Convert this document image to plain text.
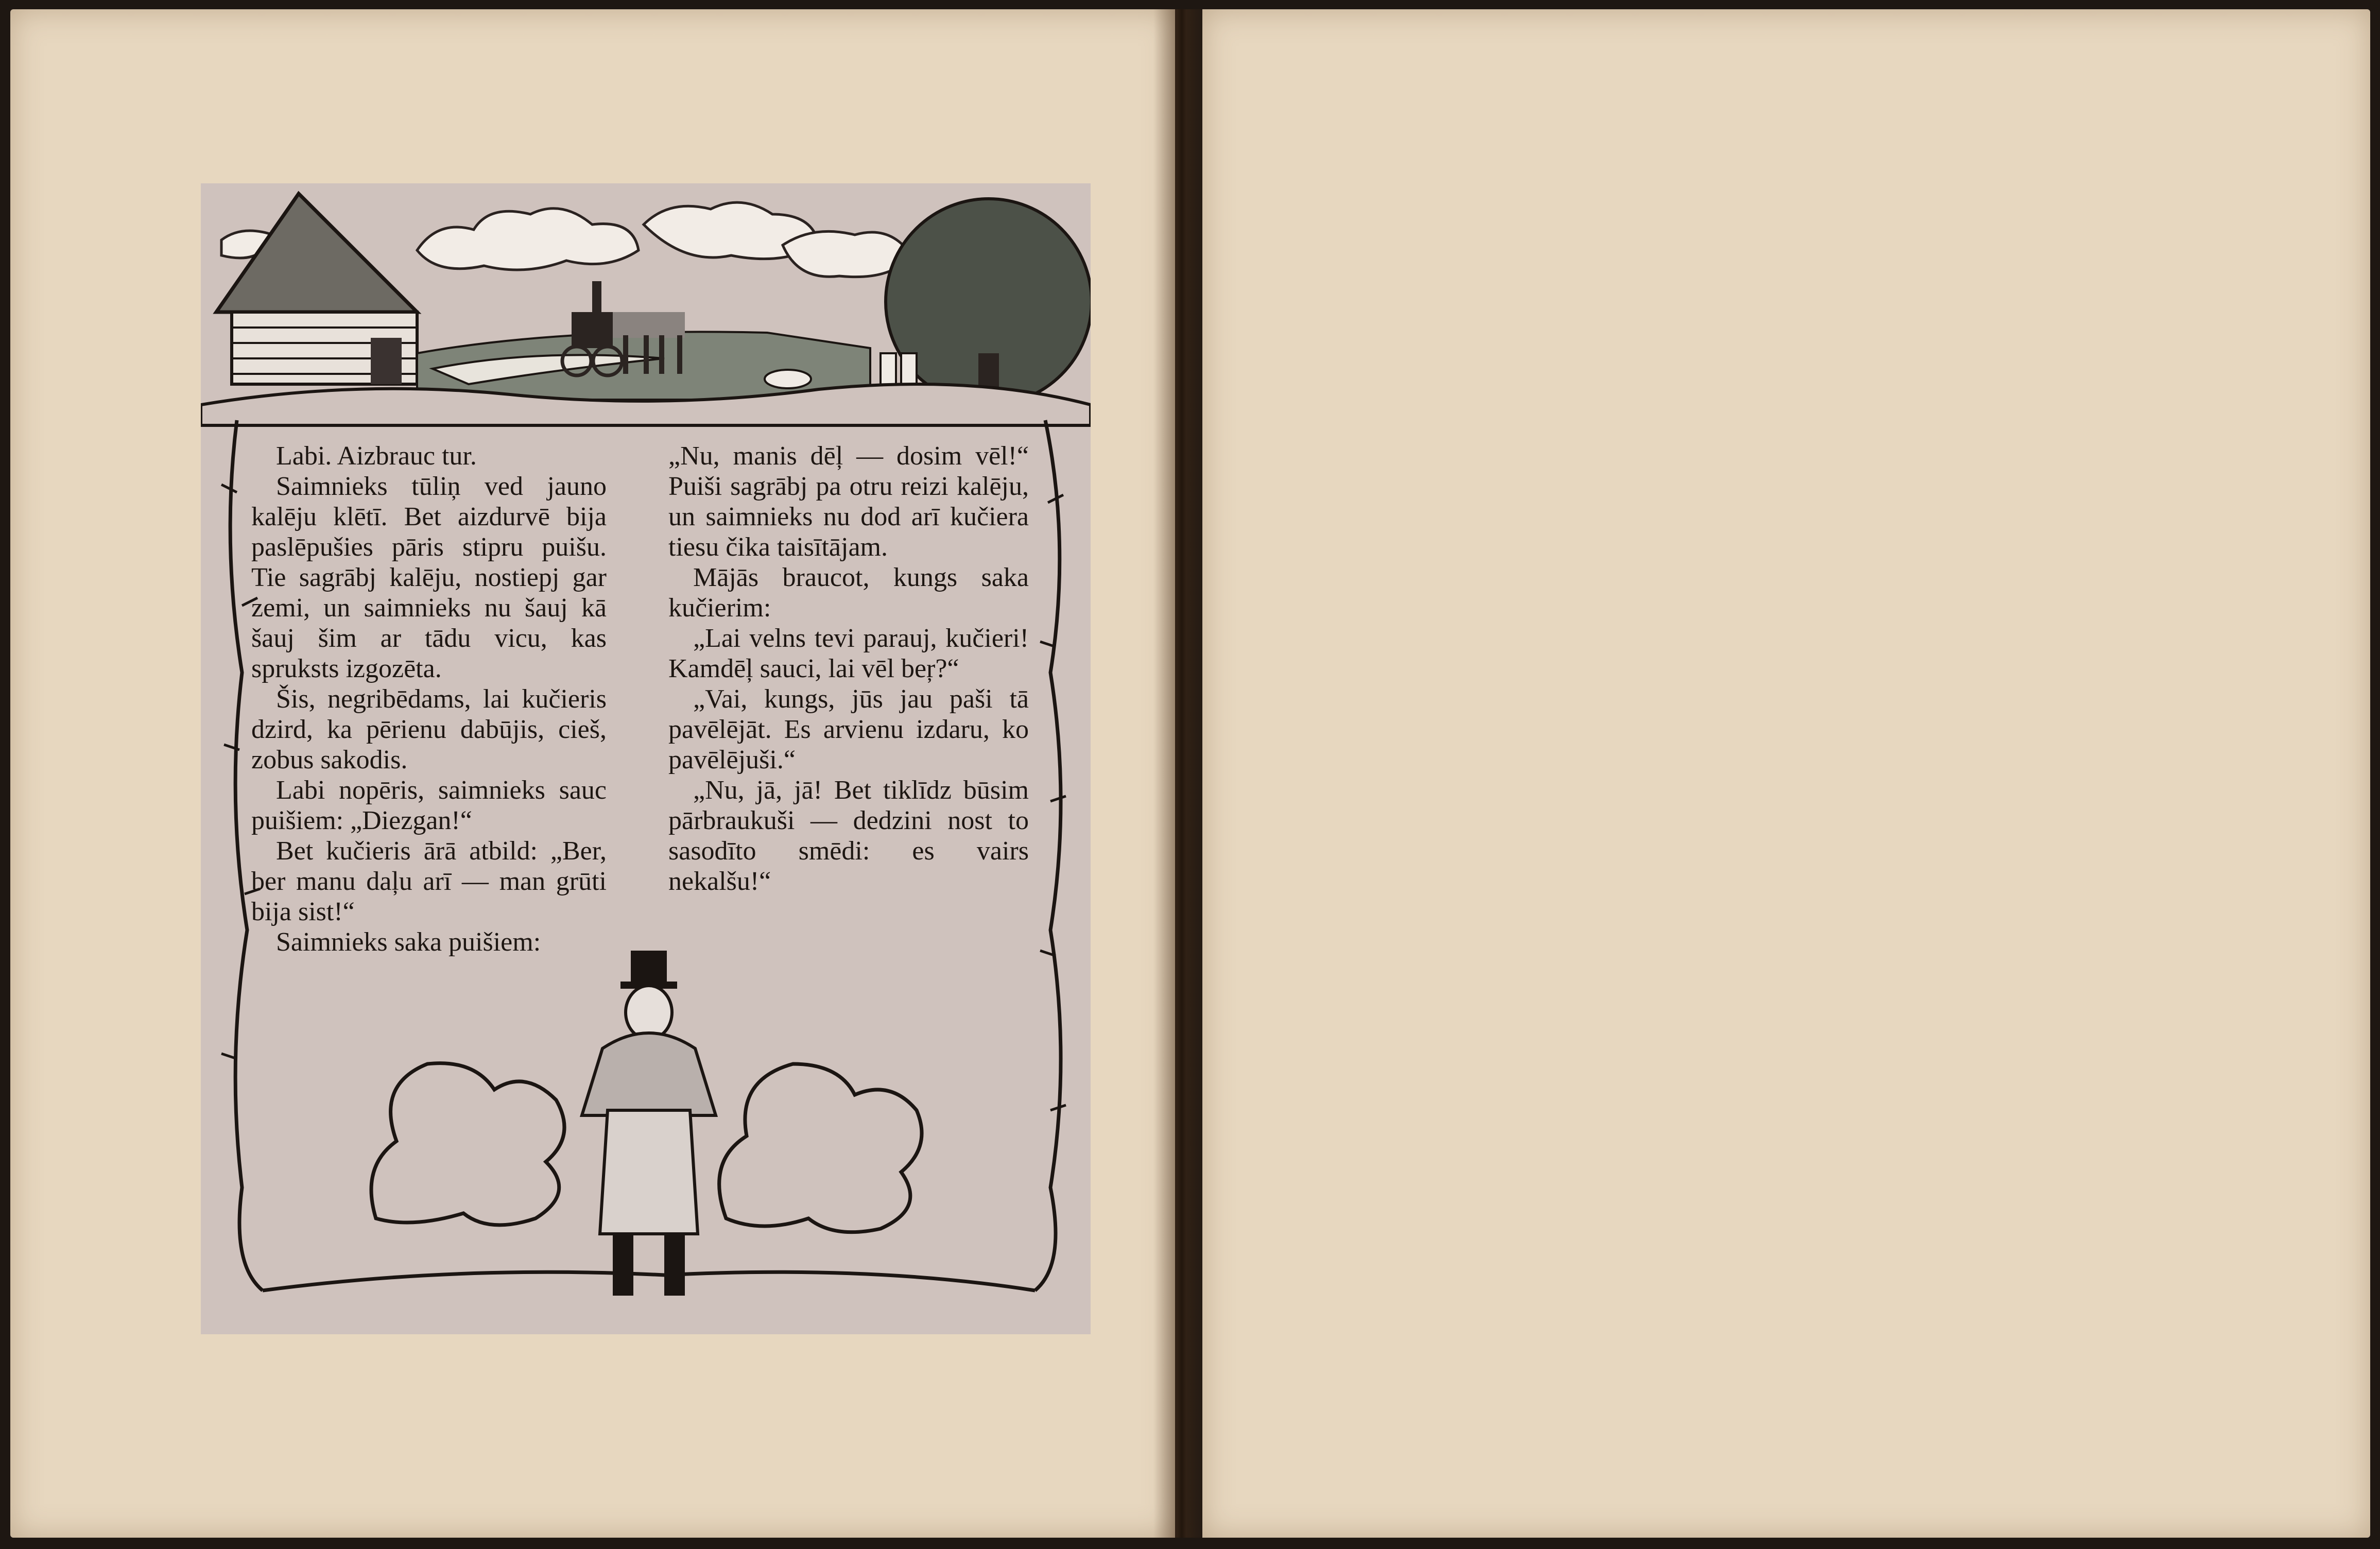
Labi. Aizbrauc tur.

Saimnieks tūliņ ved jauno kalēju klētī. Bet aizdurvē bija paslēpušies pāris stipru puišu. Tie sagrābj kalēju, nostiepj gar zemi, un saimnieks nu šauj kā šauj šim ar tādu vicu, kas spruksts izgozēta.

Šis, negribēdams, lai kučieris dzird, ka pērienu dabūjis, cieš, zobus sakodis.

Labi nopēris, saimnieks sauc puišiem: „Diezgan!“

Bet kučieris ārā atbild: „Ber, ber manu daļu arī — man grūti bija sist!“

Saimnieks saka puišiem:

„Nu, manis dēļ — dosim vēl!“ Puiši sagrābj pa otru reizi kalēju, un saimnieks nu dod arī kučiera tiesu čika taisītājam.

Mājās braucot, kungs saka kučierim:

„Lai velns tevi parauj, kučieri! Kamdēļ sauci, lai vēl beŗ?“

„Vai, kungs, jūs jau paši tā pavēlējāt. Es arvienu izdaru, ko pavēlējuši.“

„Nu, jā, jā! Bet tiklīdz būsim pārbraukuši — dedzini nost to sasodīto smēdi: es vairs nekalšu!“
